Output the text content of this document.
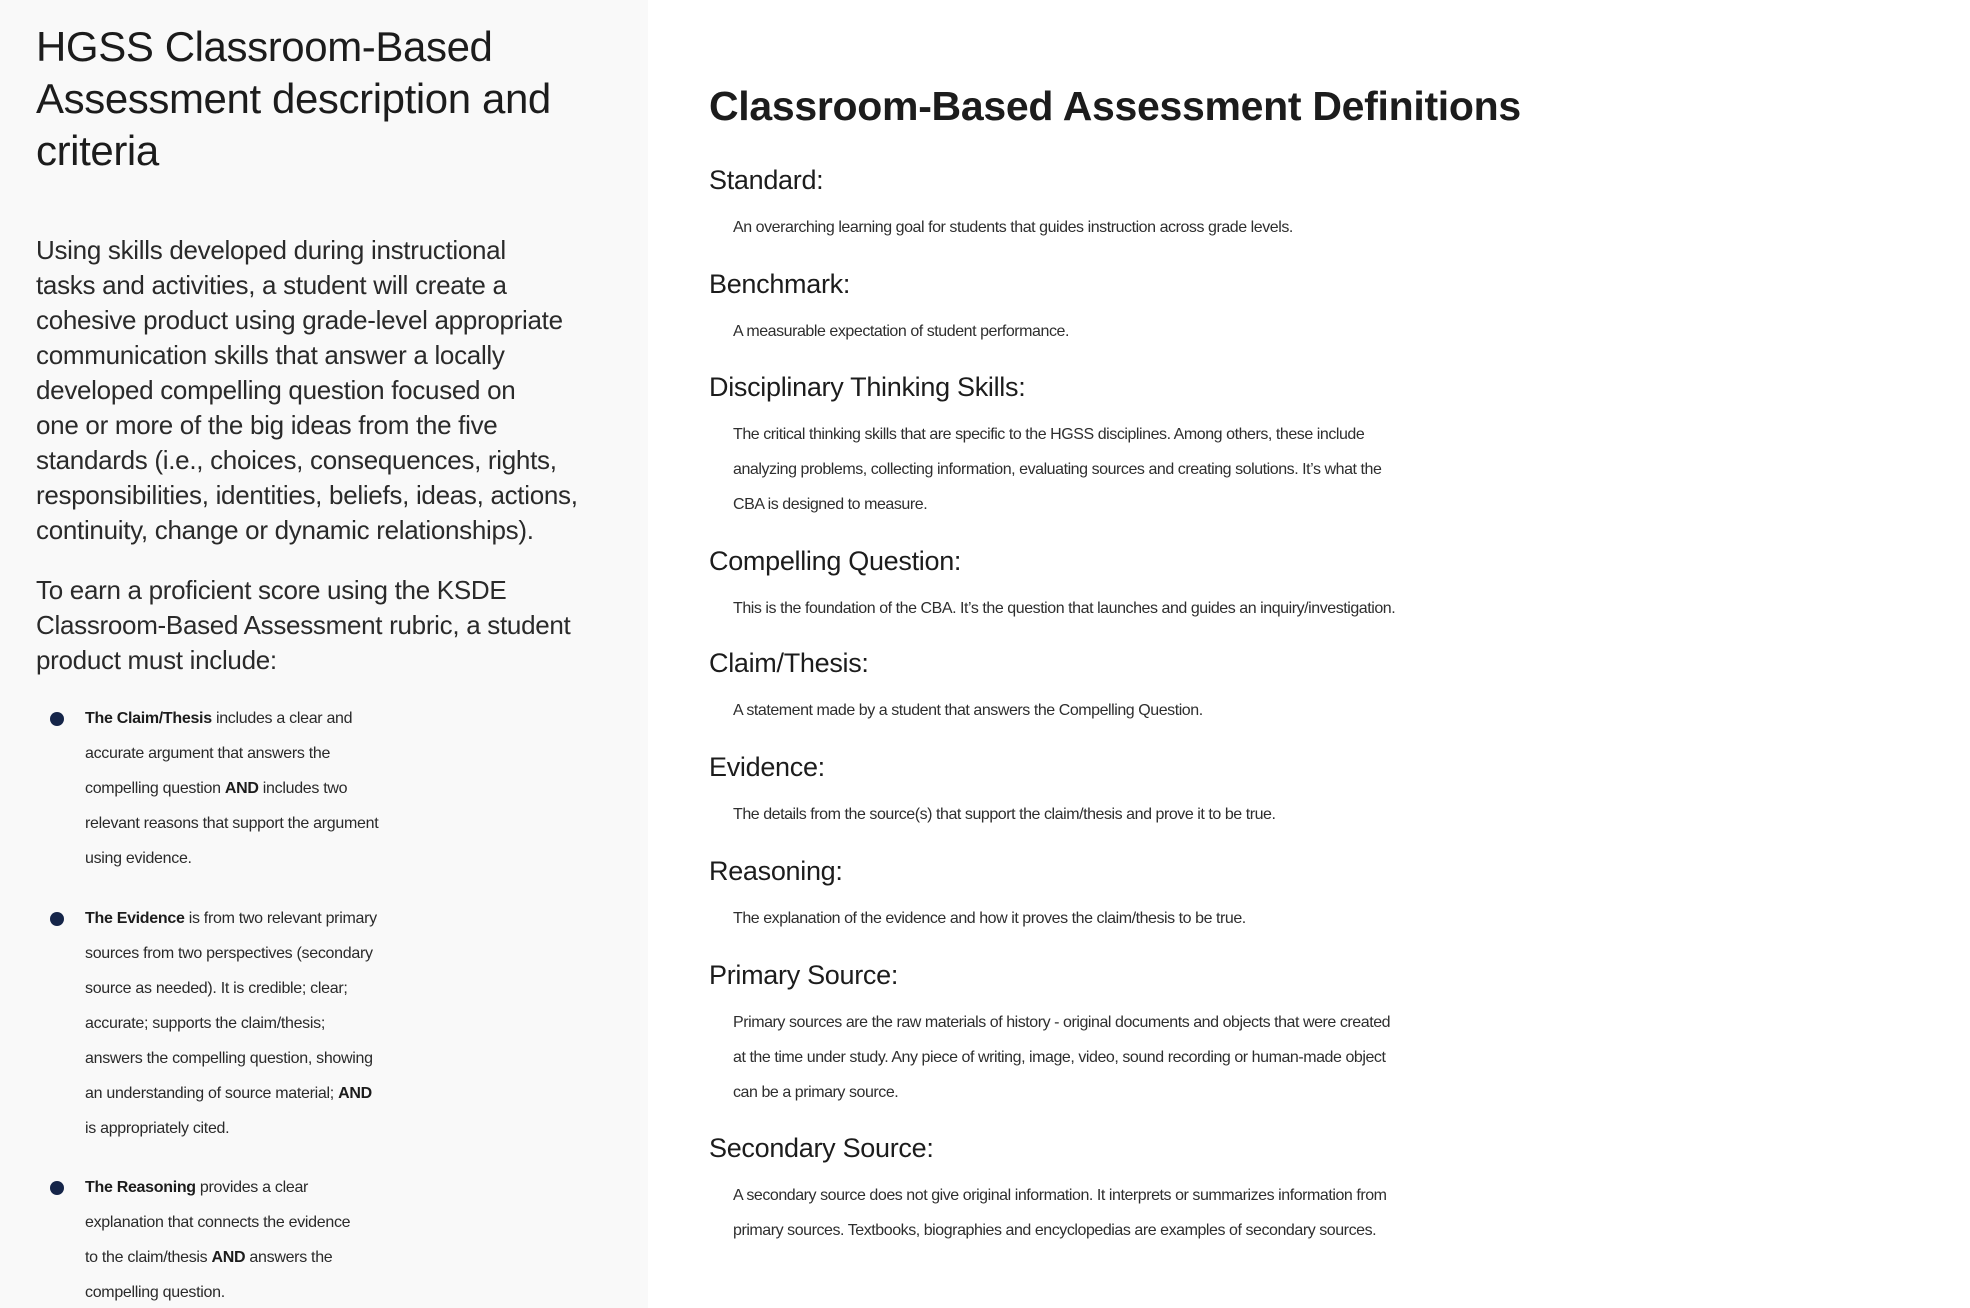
HGSS Classroom-Based
Assessment description and
criteria

Using skills developed during instructional
tasks and activities, a student will create a
cohesive product using grade-level appropriate
communication skills that answer a locally
developed compelling question focused on
one or more of the big ideas from the five
standards (i.e., choices, consequences, rights,
responsibilities, identities, beliefs, ideas, actions,
continuity, change or dynamic relationships).

To earn a proficient score using the KSDE
Classroom-Based Assessment rubric, a student
product must include:

The Claim/Thesis includes a clear and
accurate argument that answers the
compelling question AND includes two
relevant reasons that support the argument
using evidence.
The Evidence is from two relevant primary
sources from two perspectives (secondary
source as needed). It is credible; clear;
accurate; supports the claim/thesis;
answers the compelling question, showing
an understanding of source material; AND
is appropriately cited.
The Reasoning provides a clear
explanation that connects the evidence
to the claim/thesis AND answers the
compelling question.
Classroom-Based Assessment Definitions
Standard:
An overarching learning goal for students that guides instruction across grade levels.
Benchmark:
A measurable expectation of student performance.
Disciplinary Thinking Skills:
The critical thinking skills that are specific to the HGSS disciplines. Among others, these include
analyzing problems, collecting information, evaluating sources and creating solutions. It’s what the
CBA is designed to measure.
Compelling Question:
This is the foundation of the CBA. It’s the question that launches and guides an inquiry/investigation.
Claim/Thesis:
A statement made by a student that answers the Compelling Question.
Evidence:
The details from the source(s) that support the claim/thesis and prove it to be true.
Reasoning:
The explanation of the evidence and how it proves the claim/thesis to be true.
Primary Source:
Primary sources are the raw materials of history - original documents and objects that were created
at the time under study. Any piece of writing, image, video, sound recording or human-made object
can be a primary source.
Secondary Source:
A secondary source does not give original information. It interprets or summarizes information from
primary sources. Textbooks, biographies and encyclopedias are examples of secondary sources.
